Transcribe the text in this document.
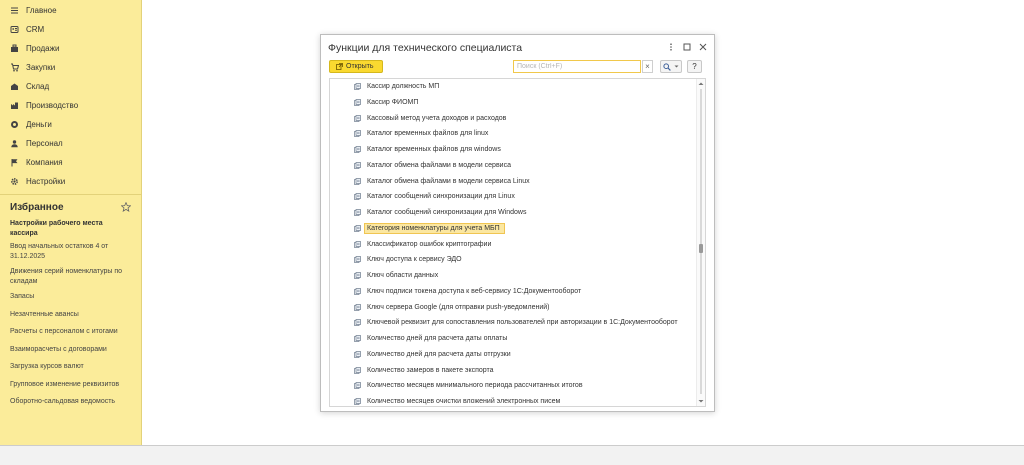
Главное
CRM
Продажи
Закупки
Склад
Производство
Деньги
Персонал
Компания
Настройки
Избранное
Настройки рабочего места кассира
Ввод начальных остатков 4 от 31.12.2025
Движения серий номенклатуры по складам
Запасы
Незачтенные авансы
Расчеты с персоналом с итогами
Взаиморасчеты с договорами
Загрузка курсов валют
Групповое изменение реквизитов
Оборотно-сальдовая ведомость
Функции для технического специалиста
Открыть
Поиск (Ctrl+F)	×	?
Кассир должность МП
Кассир ФИОМП
Кассовый метод учета доходов и расходов
Каталог временных файлов для linux
Каталог временных файлов для windows
Каталог обмена файлами в модели сервиса
Каталог обмена файлами в модели сервиса Linux
Каталог сообщений синхронизации для Linux
Каталог сообщений синхронизации для Windows
Категория номенклатуры для учета МБП
Классификатор ошибок криптографии
Ключ доступа к сервису ЭДО
Ключ области данных
Ключ подписи токена доступа к веб-сервису 1С:Документооборот
Ключ сервера Google (для отправки push-уведомлений)
Ключевой реквизит для сопоставления пользователей при авторизации в 1С:Документооборот
Количество дней для расчета даты оплаты
Количество дней для расчета даты отгрузки
Количество замеров в пакете экспорта
Количество месяцев минимального периода рассчитанных итогов
Количество месяцев очистки вложений электронных писем
